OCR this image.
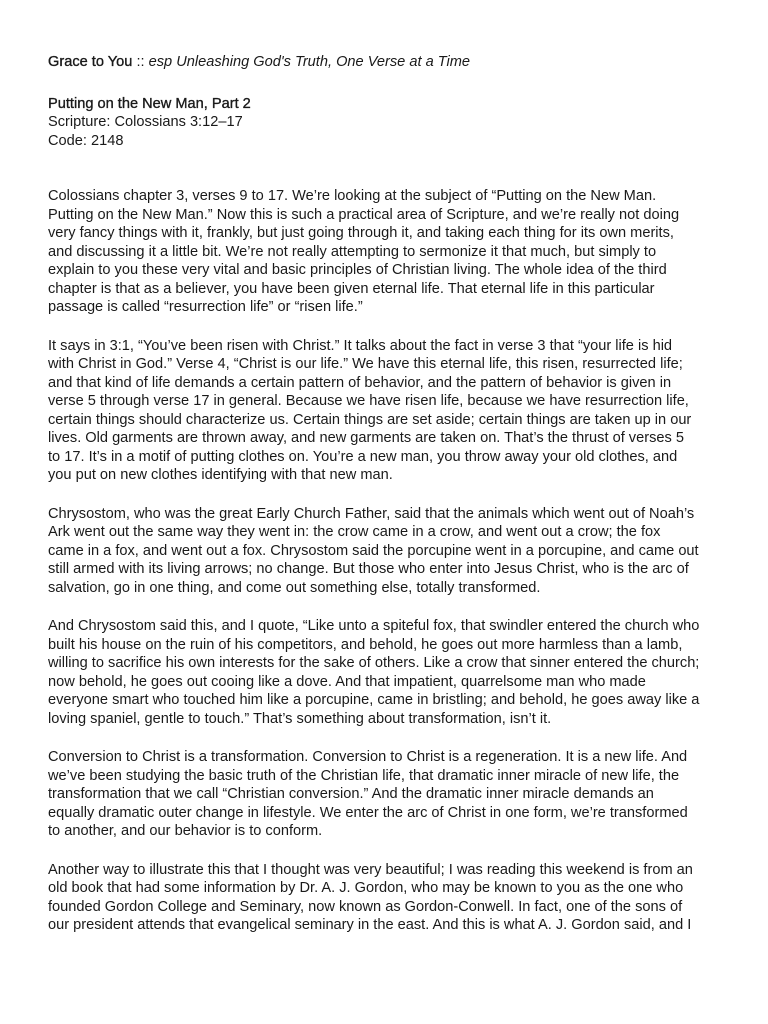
Grace to You :: esp Unleashing God's Truth, One Verse at a Time

Putting on the New Man, Part 2

Scripture: Colossians 3:12–17

Code: 2148

Colossians chapter 3, verses 9 to 17. We’re looking at the subject of “Putting on the New Man.
Putting on the New Man.” Now this is such a practical area of Scripture, and we’re really not doing
very fancy things with it, frankly, but just going through it, and taking each thing for its own merits,
and discussing it a little bit. We’re not really attempting to sermonize it that much, but simply to
explain to you these very vital and basic principles of Christian living. The whole idea of the third
chapter is that as a believer, you have been given eternal life. That eternal life in this particular
passage is called “resurrection life” or “risen life.”

It says in 3:1, “You’ve been risen with Christ.” It talks about the fact in verse 3 that “your life is hid
with Christ in God.” Verse 4, “Christ is our life.” We have this eternal life, this risen, resurrected life;
and that kind of life demands a certain pattern of behavior, and the pattern of behavior is given in
verse 5 through verse 17 in general. Because we have risen life, because we have resurrection life,
certain things should characterize us. Certain things are set aside; certain things are taken up in our
lives. Old garments are thrown away, and new garments are taken on. That’s the thrust of verses 5
to 17. It’s in a motif of putting clothes on. You’re a new man, you throw away your old clothes, and
you put on new clothes identifying with that new man.

Chrysostom, who was the great Early Church Father, said that the animals which went out of Noah’s
Ark went out the same way they went in: the crow came in a crow, and went out a crow; the fox
came in a fox, and went out a fox. Chrysostom said the porcupine went in a porcupine, and came out
still armed with its living arrows; no change. But those who enter into Jesus Christ, who is the arc of
salvation, go in one thing, and come out something else, totally transformed.

And Chrysostom said this, and I quote, “Like unto a spiteful fox, that swindler entered the church who
built his house on the ruin of his competitors, and behold, he goes out more harmless than a lamb,
willing to sacrifice his own interests for the sake of others. Like a crow that sinner entered the church;
now behold, he goes out cooing like a dove. And that impatient, quarrelsome man who made
everyone smart who touched him like a porcupine, came in bristling; and behold, he goes away like a
loving spaniel, gentle to touch.” That’s something about transformation, isn’t it.

Conversion to Christ is a transformation. Conversion to Christ is a regeneration. It is a new life. And
we’ve been studying the basic truth of the Christian life, that dramatic inner miracle of new life, the
transformation that we call “Christian conversion.” And the dramatic inner miracle demands an
equally dramatic outer change in lifestyle. We enter the arc of Christ in one form, we’re transformed
to another, and our behavior is to conform.

Another way to illustrate this that I thought was very beautiful; I was reading this weekend is from an
old book that had some information by Dr. A. J. Gordon, who may be known to you as the one who
founded Gordon College and Seminary, now known as Gordon-Conwell. In fact, one of the sons of
our president attends that evangelical seminary in the east. And this is what A. J. Gordon said, and I
